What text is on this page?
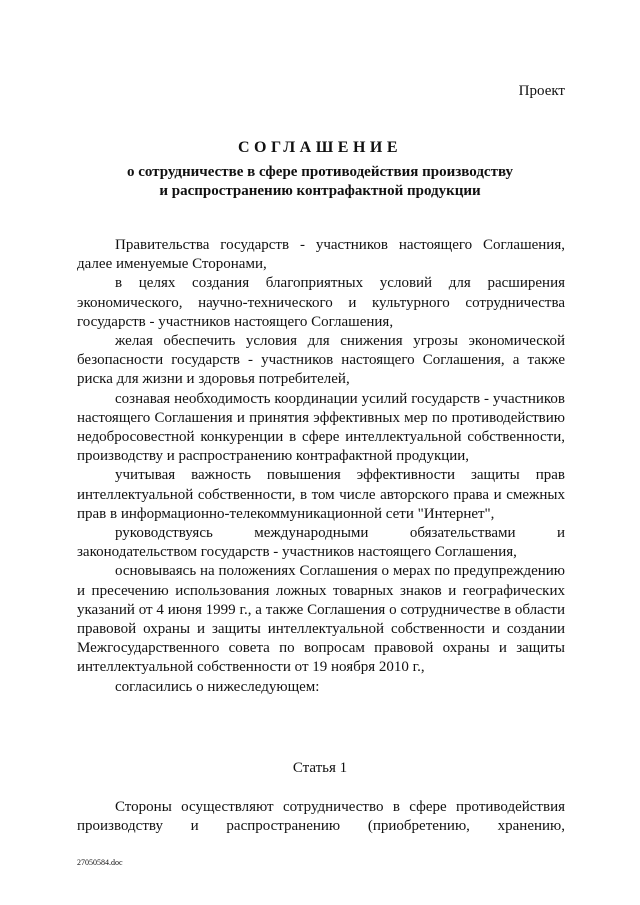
Проект
СОГЛАШЕНИЕ
о сотрудничестве в сфере противодействия производству
и распространению контрафактной продукции

Правительства государств - участников настоящего Соглашения, далее именуемые Сторонами,

в целях создания благоприятных условий для расширения экономического, научно-технического и культурного сотрудничества государств - участников настоящего Соглашения,

желая обеспечить условия для снижения угрозы экономической безопасности государств - участников настоящего Соглашения, а также риска для жизни и здоровья потребителей,

сознавая необходимость координации усилий государств - участников настоящего Соглашения и принятия эффективных мер по противодействию недобросовестной конкуренции в сфере интеллектуальной собственности, производству и распространению контрафактной продукции,

учитывая важность повышения эффективности защиты прав интеллектуальной собственности, в том числе авторского права и смежных прав в информационно-телекоммуникационной сети "Интернет",

руководствуясь международными обязательствами и законодательством государств - участников настоящего Соглашения,

основываясь на положениях Соглашения о мерах по предупреждению и пресечению использования ложных товарных знаков и географических указаний от 4 июня 1999 г., а также Соглашения о сотрудничестве в области правовой охраны и защиты интеллектуальной собственности и создании Межгосударственного совета по вопросам правовой охраны и защиты интеллектуальной собственности от 19 ноября 2010 г.,

согласились о нижеследующем:

Статья 1
Стороны осуществляют сотрудничество в сфере противодействия производству и распространению (приобретению, хранению,
27050584.doc
